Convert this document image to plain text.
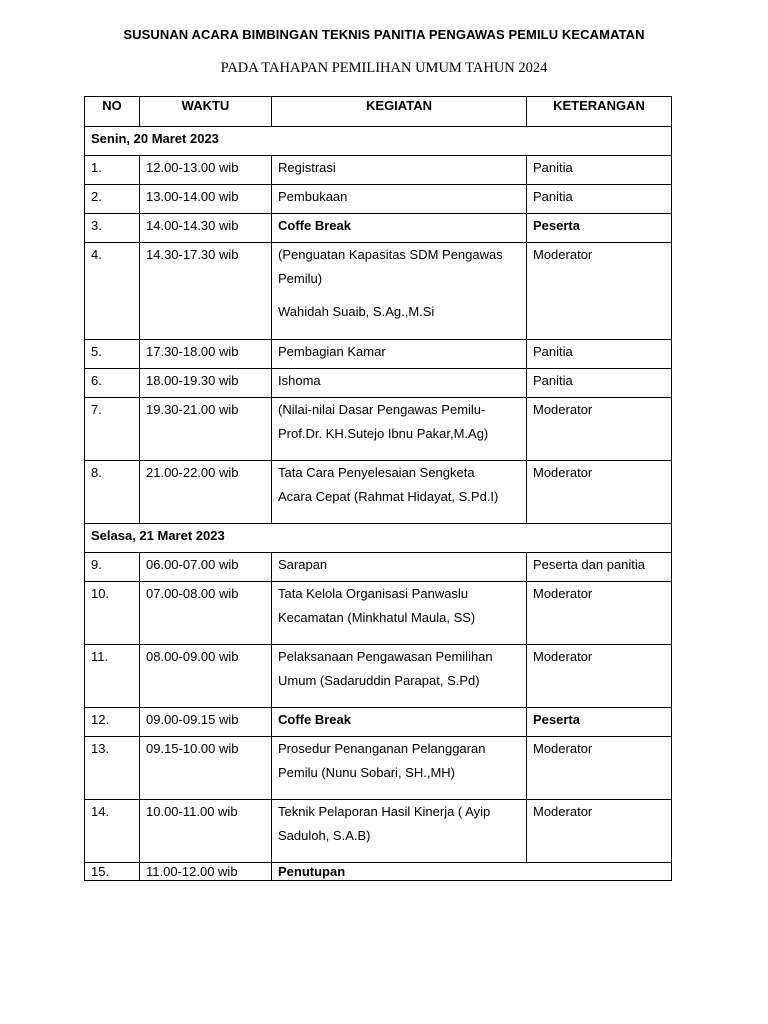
SUSUNAN ACARA BIMBINGAN TEKNIS PANITIA PENGAWAS PEMILU KECAMATAN
PADA TAHAPAN PEMILIHAN UMUM TAHUN 2024
NO	WAKTU	KEGIATAN	KETERANGAN
Senin, 20 Maret 2023			
1.	12.00-13.00 wib	Registrasi	Panitia
2.	13.00-14.00 wib	Pembukaan	Panitia
3.	14.00-14.30 wib	Coffe Break	Peserta
4.	14.30-17.30 wib	(Penguatan Kapasitas SDM Pengawas
Pemilu)
Wahidah Suaib, S.Ag.,M.Si	Moderator
5.	17.30-18.00 wib	Pembagian Kamar	Panitia
6.	18.00-19.30 wib	Ishoma	Panitia
7.	19.30-21.00 wib	(Nilai-nilai Dasar Pengawas Pemilu-
Prof.Dr. KH.Sutejo Ibnu Pakar,M.Ag)	Moderator
8.	21.00-22.00 wib	Tata Cara Penyelesaian Sengketa
Acara Cepat (Rahmat Hidayat, S.Pd.I)	Moderator
Selasa, 21 Maret 2023			
9.	06.00-07.00 wib	Sarapan	Peserta dan panitia
10.	07.00-08.00 wib	Tata Kelola Organisasi Panwaslu
Kecamatan (Minkhatul Maula, SS)	Moderator
11.	08.00-09.00 wib	Pelaksanaan Pengawasan Pemilihan
Umum (Sadaruddin Parapat, S.Pd)	Moderator
12.	09.00-09.15 wib	Coffe Break	Peserta
13.	09.15-10.00 wib	Prosedur Penanganan Pelanggaran
Pemilu (Nunu Sobari, SH.,MH)	Moderator
14.	10.00-11.00 wib	Teknik Pelaporan Hasil Kinerja ( Ayip
Saduloh, S.A.B)	Moderator
15.	11.00-12.00 wib	Penutupan	
